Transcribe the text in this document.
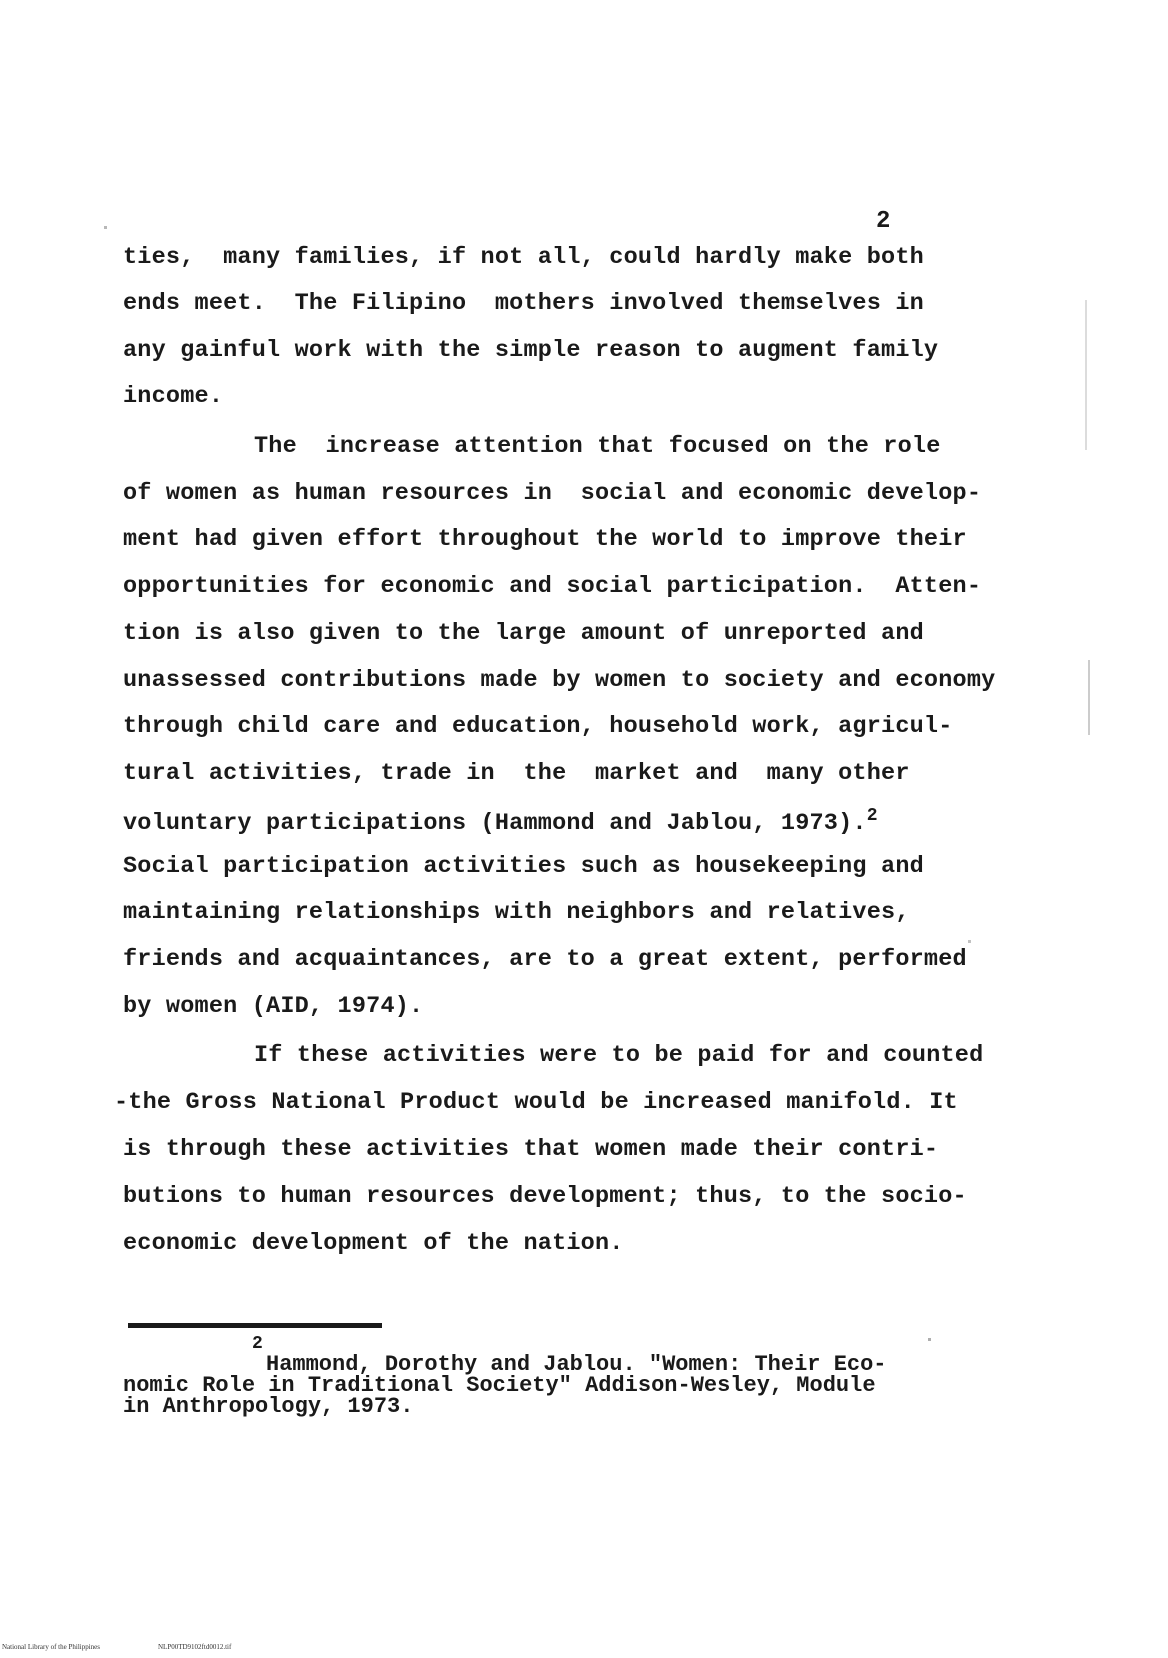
2
ties,  many families, if not all, could hardly make both
ends meet.  The Filipino  mothers involved themselves in
any gainful work with the simple reason to augment family
income.
The  increase attention that focused on the role
of women as human resources in  social and economic develop-
ment had given effort throughout the world to improve their
opportunities for economic and social participation.  Atten-
tion is also given to the large amount of unreported and
unassessed contributions made by women to society and economy
through child care and education, household work, agricul-
tural activities, trade in  the  market and  many other
voluntary participations (Hammond and Jablou, 1973).$^2$
Social participation activities such as housekeeping and
maintaining relationships with neighbors and relatives,
friends and acquaintances, are to a great extent, performed
by women (AID, 1974).
If these activities were to be paid for and counted
-the Gross National Product would be increased manifold. It
is through these activities that women made their contri-
butions to human resources development; thus, to the socio-
economic development of the nation.
2
Hammond, Dorothy and Jablou. "Women: Their Eco-
nomic Role in Traditional Society" Addison-Wesley, Module
in Anthropology, 1973.
National Library of the Philippines	NLP00TD9102ftd0012.tif
